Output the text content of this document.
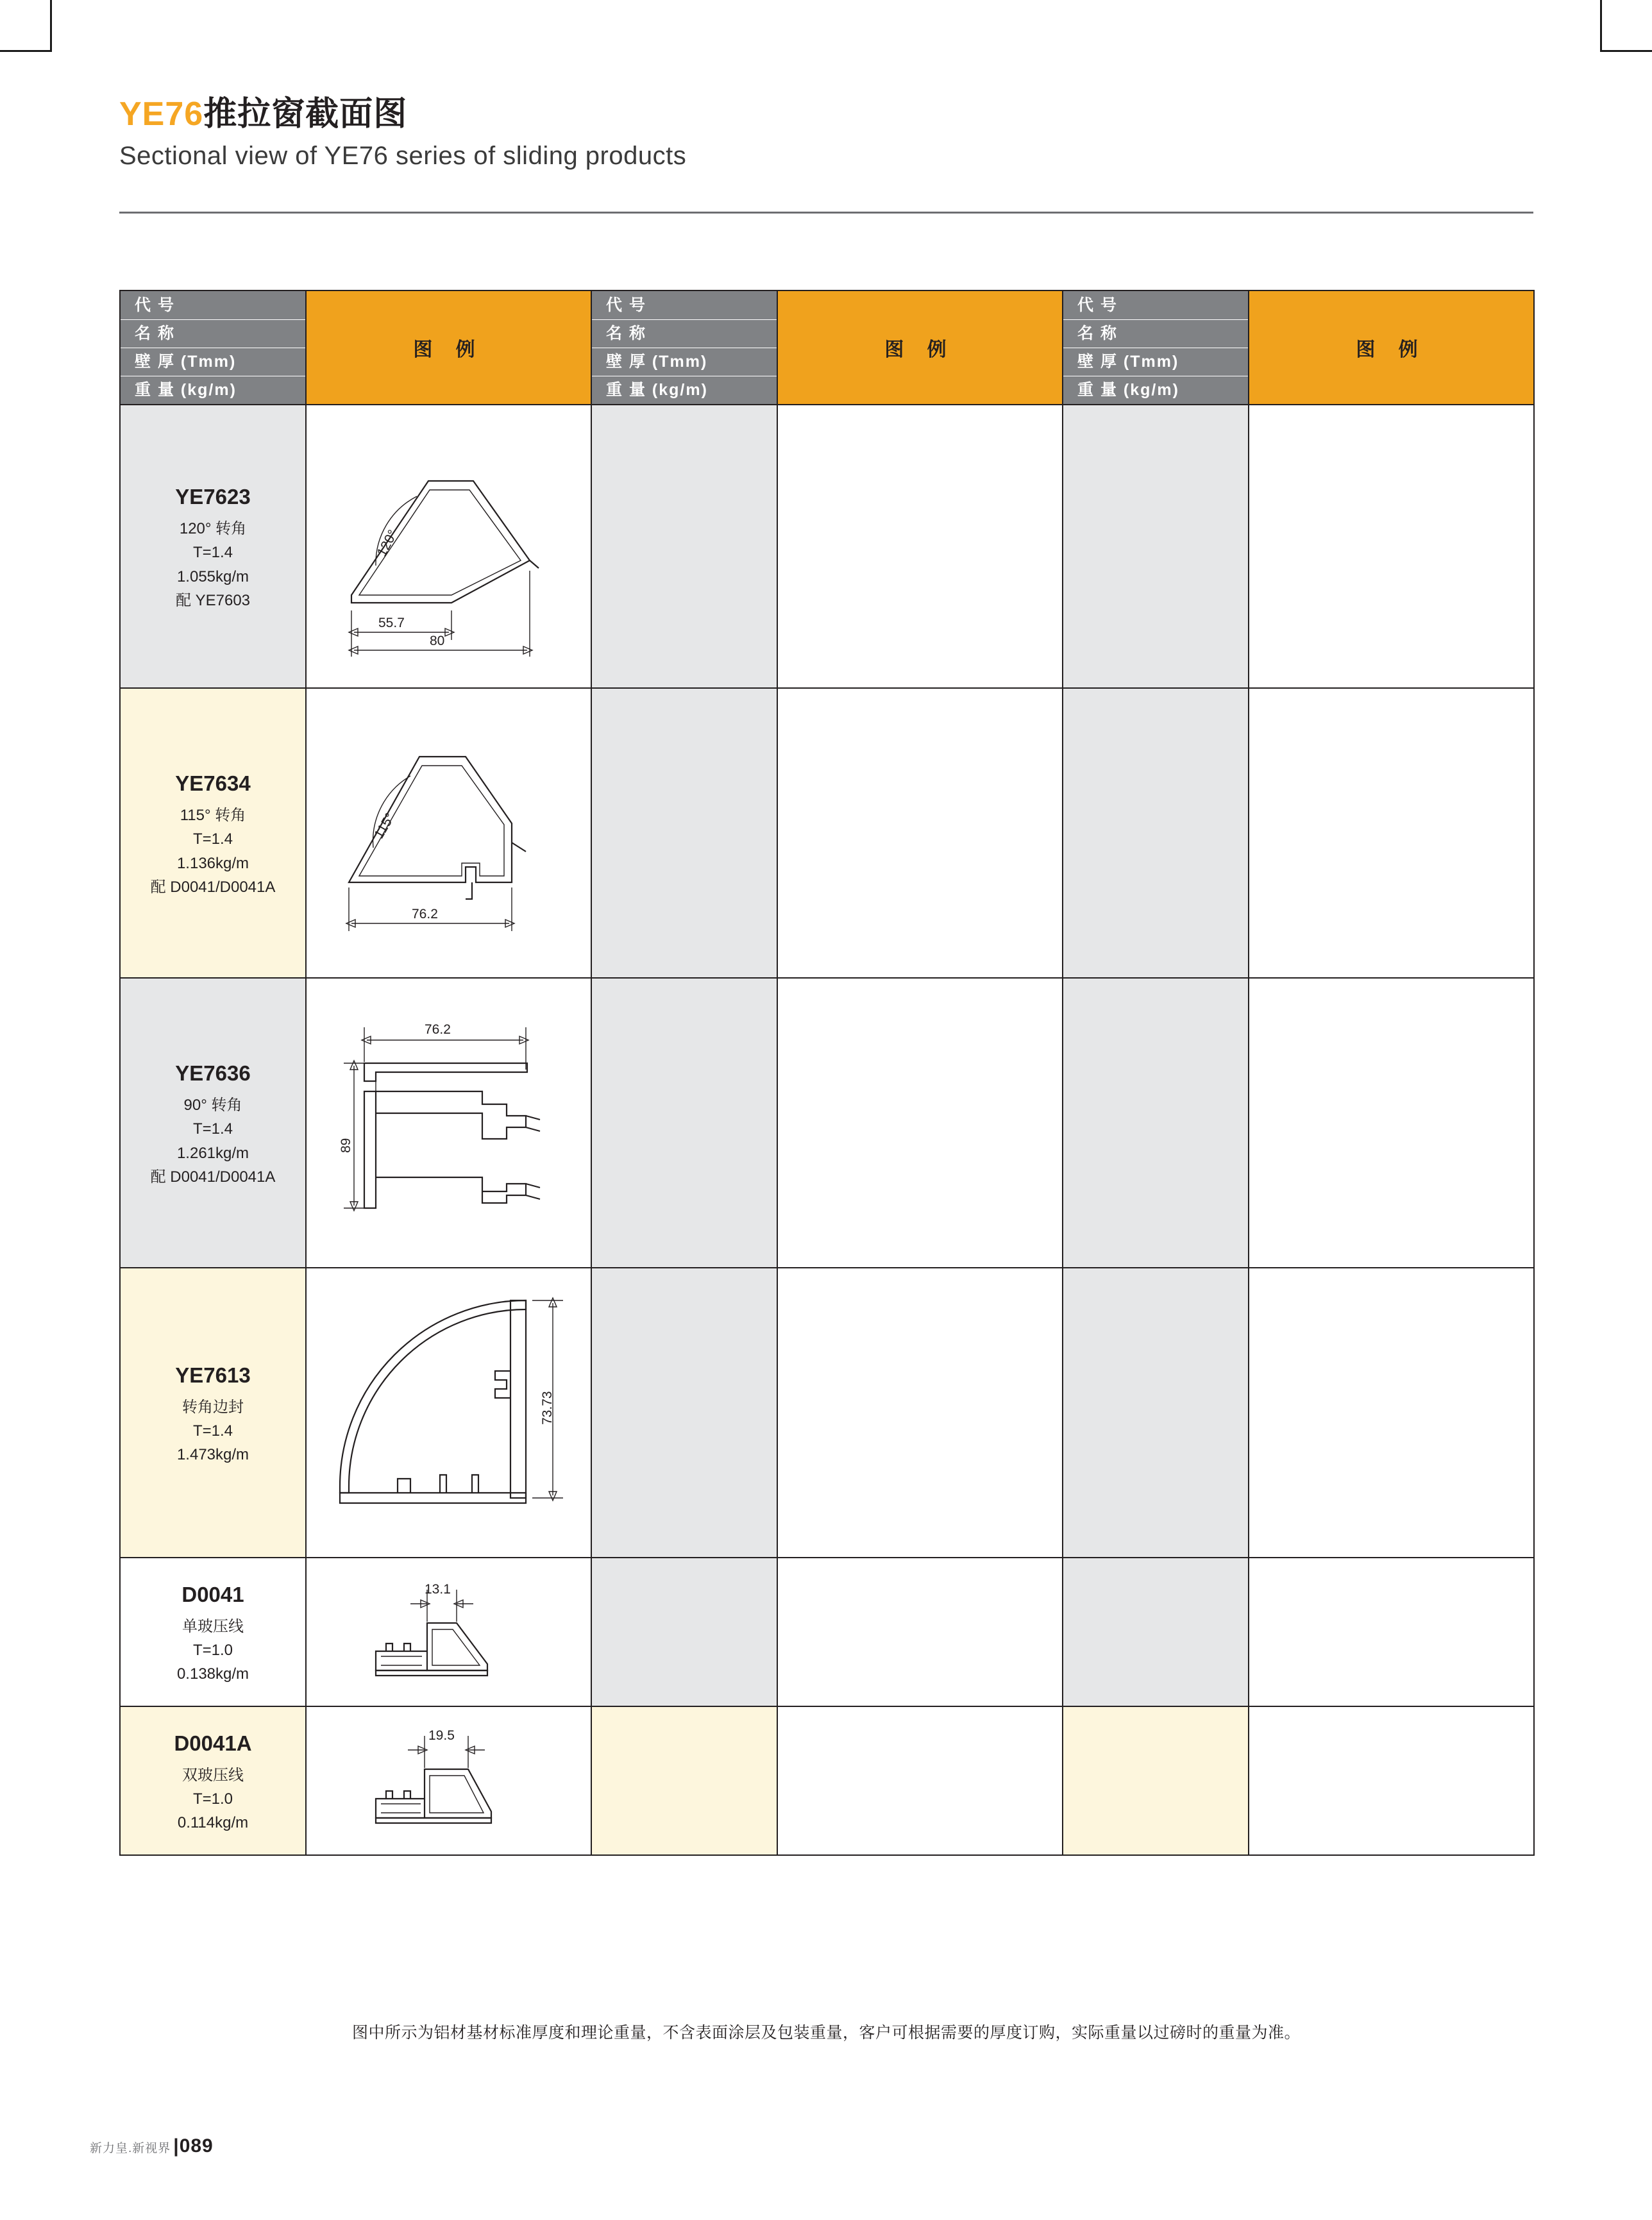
YE76推拉窗截面图
Sectional view of YE76 series of sliding products
代 号
名 称
壁 厚 (Tmm)
重 量 (kg/m)
	图 例	
代 号
名 称
壁 厚 (Tmm)
重 量 (kg/m)
	图 例	
代 号
名 称
壁 厚 (Tmm)
重 量 (kg/m)
	图 例

YE7623
120° 转角
T=1.4
1.055kg/m
配 YE7603	120°
55.7
80				

YE7634
115° 转角
T=1.4
1.136kg/m
配 D0041/D0041A	115°
76.2				

YE7636
90° 转角
T=1.4
1.261kg/m
配 D0041/D0041A	76.2
89				

YE7613
转角边封
T=1.4
1.473kg/m	73.73				

D0041
单玻压线
T=1.0
0.138kg/m	13.1				

D0041A
双玻压线
T=1.0
0.114kg/m	19.5				

图中所示为铝材基材标准厚度和理论重量，不含表面涂层及包装重量，客户可根据需要的厚度订购，实际重量以过磅时的重量为准。
新力皇.新视界 | 089
